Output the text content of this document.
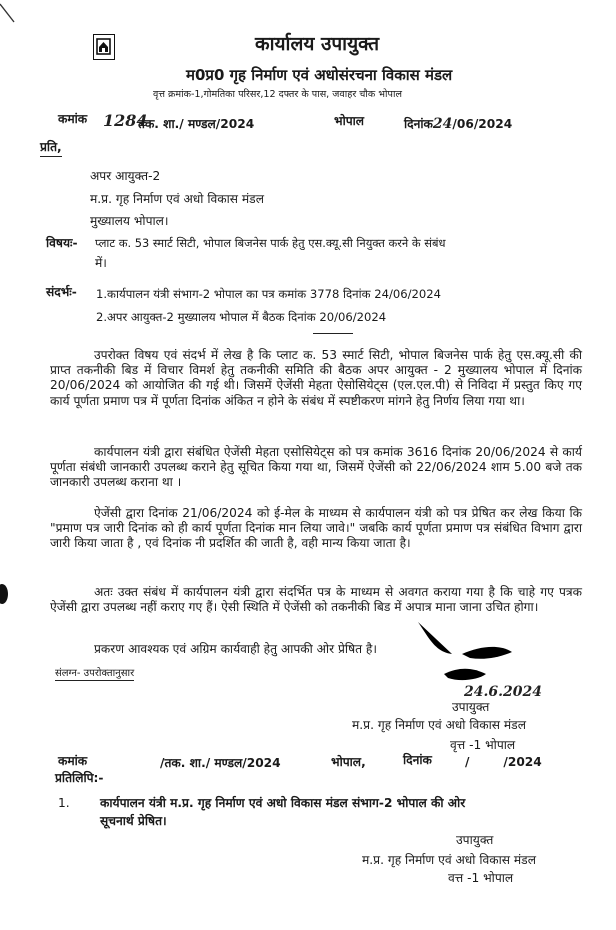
कार्यालय उपायुक्त
म0प्र0 गृह निर्माण एवं अधोसंरचना विकास मंडल
वृत्त क्रमांक-1,गोमतिका परिसर,12 दफ्तर के पास, जवाहर चौक भोपाल
कमांक 1284
तक. शा./ मण्डल/2024	भोपाल	दिनांक24/06/2024
प्रति,
अपर आयुक्त-2
म.प्र. गृह निर्माण एवं अधो विकास मंडल
मुख्यालय भोपाल।
विषयः- प्लाट क. 53 स्मार्ट सिटी, भोपाल बिजनेस पार्क हेतु एस.क्यू.सी नियुक्त करने के संबंध
में।
संदर्भः- 1.कार्यपालन यंत्री संभाग-2 भोपाल का पत्र कमांक 3778 दिनांक 24/06/2024
2.अपर आयुक्त-2 मुख्यालय भोपाल में बैठक दिनांक 20/06/2024

उपरोक्त विषय एवं संदर्भ में लेख है कि प्लाट क. 53 स्मार्ट सिटी, भोपाल बिजनेस पार्क हेतु एस.क्यू.सी की प्राप्त तकनीकी बिड में विचार विमर्श हेतु तकनीकी समिति की बैठक अपर आयुक्त - 2 मुख्यालय भोपाल में दिनांक 20/06/2024 को आयोजित की गई थी। जिसमें ऐजेंसी मेहता ऐसोसियेट्स (एल.एल.पी) से निविदा में प्रस्तुत किए गए कार्य पूर्णता प्रमाण पत्र में पूर्णता दिनांक अंकित न होने के संबंध में स्पष्टीकरण मांगने हेतु निर्णय लिया गया था।

कार्यपालन यंत्री द्वारा संबंधित ऐजेंसी मेहता एसोसियेट्स को पत्र कमांक 3616 दिनांक 20/06/2024 से कार्य पूर्णता संबंधी जानकारी उपलब्ध कराने हेतु सूचित किया गया था, जिसमें ऐजेंसी को 22/06/2024 शाम 5.00 बजे तक जानकारी उपलब्ध कराना था ।

ऐजेंसी द्वारा दिनांक 21/06/2024 को ई-मेल के माध्यम से कार्यपालन यंत्री को पत्र प्रेषित कर लेख किया कि "प्रमाण पत्र जारी दिनांक को ही कार्य पूर्णता दिनांक मान लिया जावे।" जबकि कार्य पूर्णता प्रमाण पत्र संबंधित विभाग द्वारा जारी किया जाता है , एवं दिनांक नी प्रदर्शित की जाती है, वही मान्य किया जाता है।

अतः उक्त संबंध में कार्यपालन यंत्री द्वारा संदर्भित पत्र के माध्यम से अवगत कराया गया है कि चाहे गए पत्रक ऐजेंसी द्वारा उपलब्ध नहीं कराए गए हैं। ऐसी स्थिति में ऐजेंसी को तकनीकी बिड में अपात्र माना जाना उचित होगा।

प्रकरण आवश्यक एवं अग्रिम कार्यवाही हेतु आपकी ओर प्रेषित है।

संलग्न- उपरोक्तानुसार
24.6.2024
उपायुक्त
म.प्र. गृह निर्माण एवं अधो विकास मंडल
वृत्त -1 भोपाल
कमांक	/तक. शा./ मण्डल/2024	भोपाल,	दिनांक	/        /2024
प्रतिलिपि:-
1. कार्यपालन यंत्री म.प्र. गृह निर्माण एवं अधो विकास मंडल संभाग-2 भोपाल की ओर
सूचनार्थ प्रेषित।
उपायुक्त
म.प्र. गृह निर्माण एवं अधो विकास मंडल
वत्त -1 भोपाल
